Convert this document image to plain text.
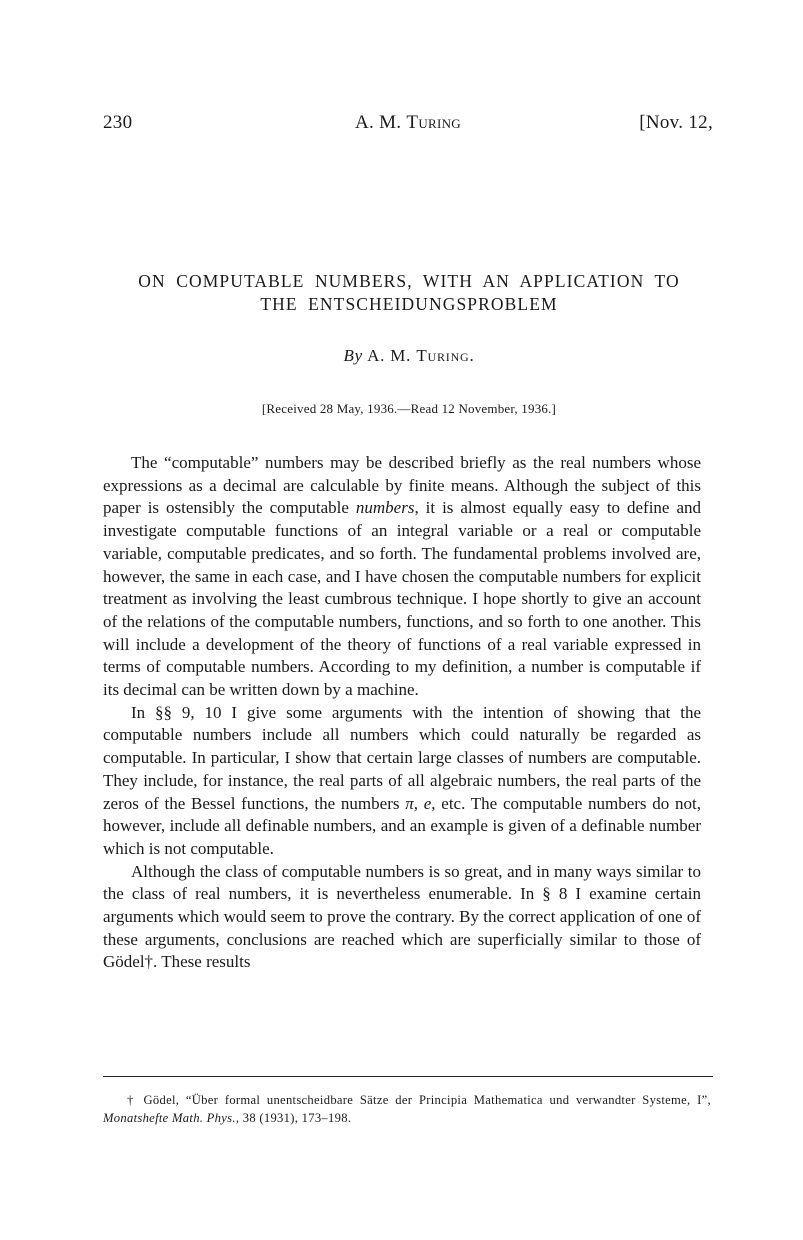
230	A. M. Turing	[Nov. 12,
ON COMPUTABLE NUMBERS, WITH AN APPLICATION TO
THE ENTSCHEIDUNGSPROBLEM
By A. M. Turing.
[Received 28 May, 1936.—Read 12 November, 1936.]

The “computable” numbers may be described briefly as the real numbers whose expressions as a decimal are calculable by finite means. Although the subject of this paper is ostensibly the computable numbers, it is almost equally easy to define and investigate computable functions of an integral variable or a real or computable variable, computable predicates, and so forth. The fundamental problems involved are, however, the same in each case, and I have chosen the computable numbers for explicit treatment as involving the least cumbrous technique. I hope shortly to give an account of the relations of the computable numbers, functions, and so forth to one another. This will include a development of the theory of functions of a real variable expressed in terms of computable numbers. According to my definition, a number is computable if its decimal can be written down by a machine.

In §§ 9, 10 I give some arguments with the intention of showing that the computable numbers include all numbers which could naturally be regarded as computable. In particular, I show that certain large classes of numbers are computable. They include, for instance, the real parts of all algebraic numbers, the real parts of the zeros of the Bessel functions, the numbers π, e, etc. The computable numbers do not, however, include all definable numbers, and an example is given of a definable number which is not computable.

Although the class of computable numbers is so great, and in many ways similar to the class of real numbers, it is nevertheless enumerable. In § 8 I examine certain arguments which would seem to prove the contrary. By the correct application of one of these arguments, conclusions are reached which are superficially similar to those of Gödel†. These results

† Gödel, “Über formal unentscheidbare Sätze der Principia Mathematica und verwandter Systeme, I”, Monatshefte Math. Phys., 38 (1931), 173–198.
